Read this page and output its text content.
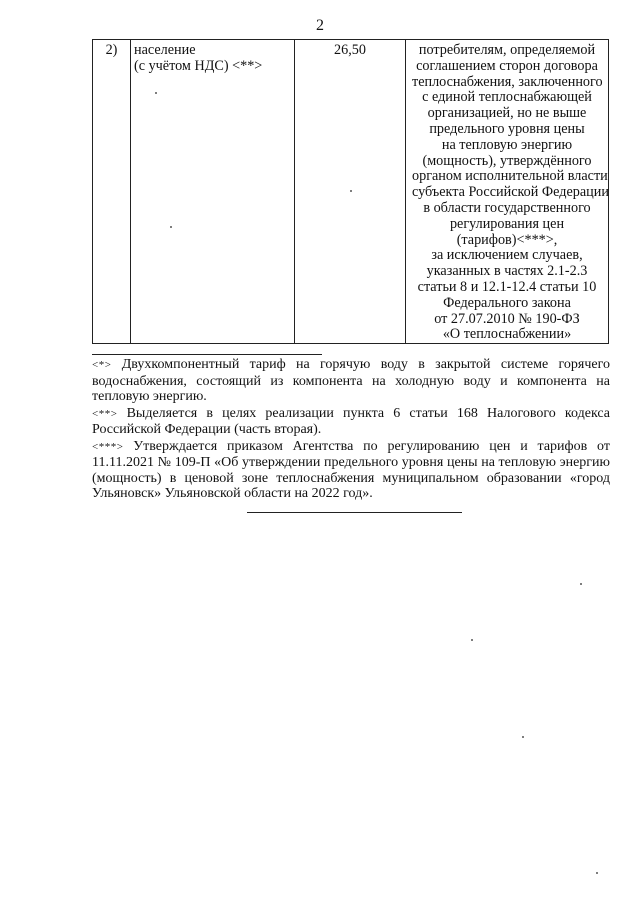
2
2)	население
(с учётом НДС) <**>
	26,50	потребителям, определяемой
соглашением сторон договора
теплоснабжения, заключенного
с единой теплоснабжающей
организацией, но не выше
предельного уровня цены
на тепловую энергию
(мощность), утверждённого
органом исполнительной власти
субъекта Российской Федерации
в области государственного
регулирования цен
(тарифов)<***>,
за исключением случаев,
указанных в частях 2.1-2.3
статьи 8 и 12.1-12.4 статьи 10
Федерального закона
от 27.07.2010 № 190-ФЗ
«О теплоснабжении»

<*> Двухкомпонентный тариф на горячую воду в закрытой системе горячего водоснабжения, состоящий из компонента на холодную воду и компонента на тепловую энергию.

<**> Выделяется в целях реализации пункта 6 статьи 168 Налогового кодекса Российской Федерации (часть вторая).

<***> Утверждается приказом Агентства по регулированию цен и тарифов от 11.11.2021 № 109-П «Об утверждении предельного уровня цены на тепловую энергию (мощность) в ценовой зоне теплоснабжения муниципальном образовании «город Ульяновск» Ульяновской области на 2022 год».
